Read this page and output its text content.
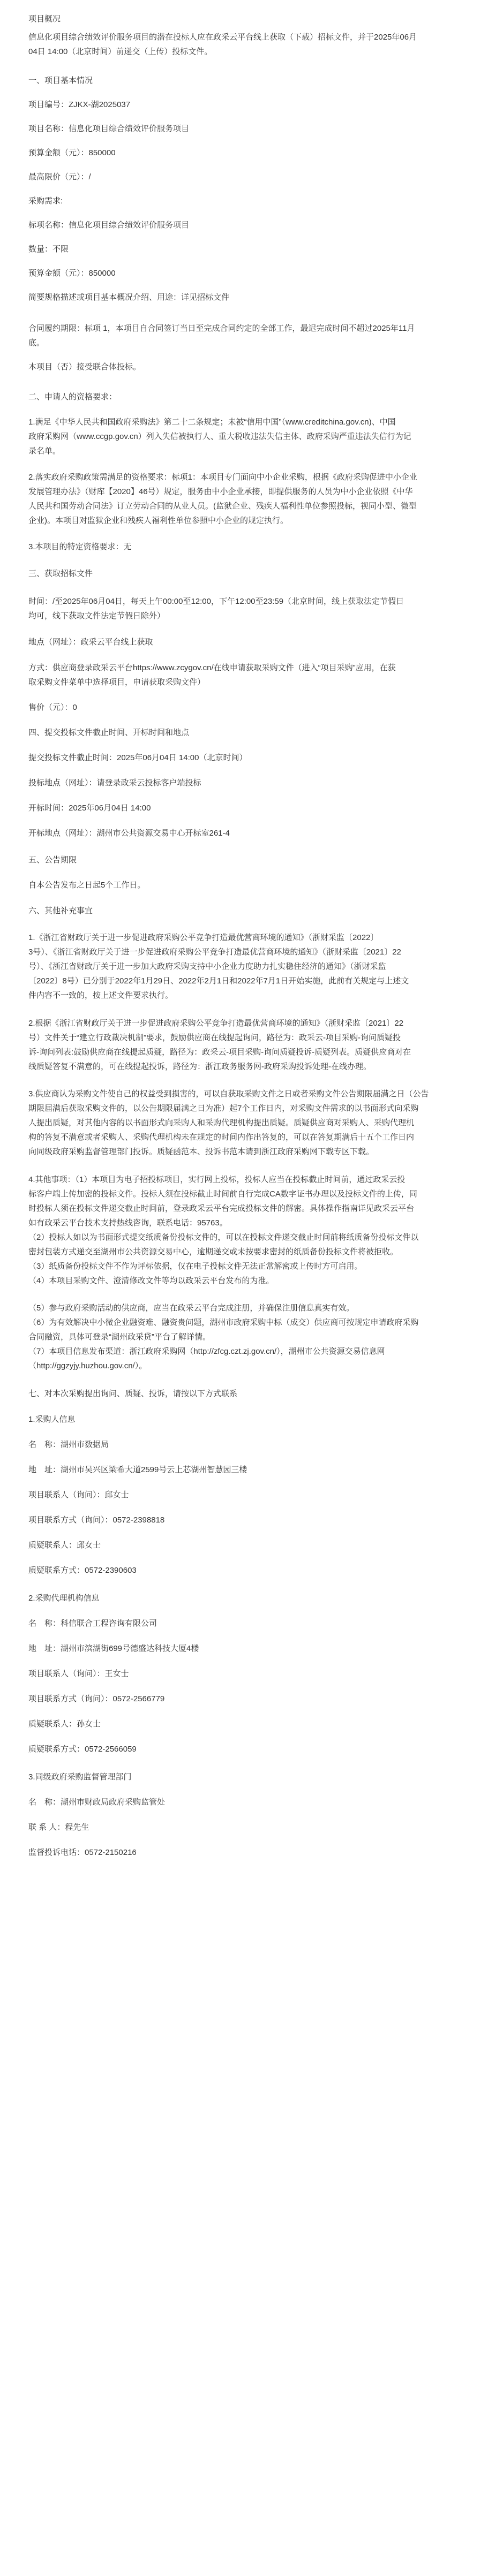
项目概况

信息化项目综合绩效评价服务项目的潜在投标人应在政采云平台线上获取（下载）招标文件，并于2025年06月

04日 14:00（北京时间）前递交（上传）投标文件。

一、项目基本情况

项目编号：ZJKX-湖2025037

项目名称：信息化项目综合绩效评价服务项目

预算金额（元）：850000

最高限价（元）：/

采购需求:

标项名称：信息化项目综合绩效评价服务项目

数量：不限

预算金额（元）：850000

简要规格描述或项目基本概况介绍、用途：详见招标文件

合同履约期限：标项 1，本项目自合同签订当日至完成合同约定的全部工作，最迟完成时间不超过2025年11月

底。

本项目（否）接受联合体投标。

二、申请人的资格要求：

1.满足《中华人民共和国政府采购法》第二十二条规定；未被“信用中国”（www.creditchina.gov.cn)、中国

政府采购网（www.ccgp.gov.cn）列入失信被执行人、重大税收违法失信主体、政府采购严重违法失信行为记

录名单。

2.落实政府采购政策需满足的资格要求：标项1：本项目专门面向中小企业采购，根据《政府采购促进中小企业

发展管理办法》（财库【2020】46号）规定，服务由中小企业承接，即提供服务的人员为中小企业依照《中华

人民共和国劳动合同法》订立劳动合同的从业人员。(监狱企业、残疾人福利性单位参照投标，视同小型、微型

企业)。本项目对监狱企业和残疾人福利性单位参照中小企业的规定执行。

3.本项目的特定资格要求：无

三、获取招标文件

时间：/至2025年06月04日，每天上午00:00至12:00，下午12:00至23:59（北京时间，线上获取法定节假日

均可，线下获取文件法定节假日除外）

地点（网址）：政采云平台线上获取

方式：供应商登录政采云平台https://www.zcygov.cn/在线申请获取采购文件（进入“项目采购”应用，在获

取采购文件菜单中选择项目，申请获取采购文件）

售价（元）：0

四、提交投标文件截止时间、开标时间和地点

提交投标文件截止时间：2025年06月04日 14:00（北京时间）

投标地点（网址）：请登录政采云投标客户端投标

开标时间：2025年06月04日 14:00

开标地点（网址）：湖州市公共资源交易中心开标室261-4

五、公告期限

自本公告发布之日起5个工作日。

六、其他补充事宜

1.《浙江省财政厅关于进一步促进政府采购公平竞争打造最优营商环境的通知》（浙财采监〔2022〕

3号）、《浙江省财政厅关于进一步促进政府采购公平竞争打造最优营商环境的通知》（浙财采监〔2021〕22

号）、《浙江省财政厅关于进一步加大政府采购支持中小企业力度助力扎实稳住经济的通知》（浙财采监

〔2022〕8号）已分别于2022年1月29日、2022年2月1日和2022年7月1日开始实施，此前有关规定与上述文

件内容不一致的，按上述文件要求执行。

2.根据《浙江省财政厅关于进一步促进政府采购公平竞争打造最优营商环境的通知》（浙财采监〔2021〕22

号）文件关于“建立行政裁决机制”要求，鼓励供应商在线提起询问，路径为：政采云-项目采购-询问质疑投

诉-询问列表:鼓励供应商在线提起质疑，路径为：政采云-项目采购-询问质疑投诉-质疑列表。质疑供应商对在

线质疑答复不满意的，可在线提起投诉，路径为：浙江政务服务网-政府采购投诉处理-在线办理。

3.供应商认为采购文件使自己的权益受到损害的，可以自获取采购文件之日或者采购文件公告期限届满之日（公告

期限届满后获取采购文件的，以公告期限届满之日为准）起7个工作日内，对采购文件需求的以书面形式向采购

人提出质疑，对其他内容的以书面形式向采购人和采购代理机构提出质疑。质疑供应商对采购人、采购代理机

构的答复不满意或者采购人、采购代理机构未在规定的时间内作出答复的，可以在答复期满后十五个工作日内

向同级政府采购监督管理部门投诉。质疑函范本、投诉书范本请到浙江政府采购网下载专区下载。

4.其他事项：（1）本项目为电子招投标项目，实行网上投标，投标人应当在投标截止时间前，通过政采云投

标客户端上传加密的投标文件。投标人须在投标截止时间前自行完成CA数字证书办理以及投标文件的上传，同

时投标人须在投标文件递交截止时间前，登录政采云平台完成投标文件的解密。具体操作指南详见政采云平台

如有政采云平台技术支持热线咨询，联系电话：95763。

（2）投标人如以为书面形式提交纸质备份投标文件的，可以在投标文件递交截止时间前将纸质备份投标文件以

密封包装方式递交至湖州市公共资源交易中心，逾期递交或未按要求密封的纸质备份投标文件将被拒收。

（3）纸质备份投标文件不作为评标依据，仅在电子投标文件无法正常解密或上传时方可启用。

（4）本项目采购文件、澄清修改文件等均以政采云平台发布的为准。

（5）参与政府采购活动的供应商，应当在政采云平台完成注册，并确保注册信息真实有效。

（6）为有效解决中小微企业融资难、融资贵问题，湖州市政府采购中标（成交）供应商可按规定申请政府采购

合同融资，具体可登录“湖州政采贷”平台了解详情。

（7）本项目信息发布渠道：浙江政府采购网（http://zfcg.czt.zj.gov.cn/），湖州市公共资源交易信息网

（http://ggzyjy.huzhou.gov.cn/）。

七、对本次采购提出询问、质疑、投诉，请按以下方式联系

1.采购人信息

名　称：湖州市数据局

地　址：湖州市吴兴区梁希大道2599号云上芯湖州智慧园三楼

项目联系人（询问）：邱女士

项目联系方式（询问）：0572-2398818

质疑联系人：邱女士

质疑联系方式：0572-2390603

2.采购代理机构信息

名　称：科信联合工程咨询有限公司

地　址：湖州市滨湖街699号德盛达科技大厦4楼

项目联系人（询问）：王女士

项目联系方式（询问）：0572-2566779

质疑联系人：孙女士

质疑联系方式：0572-2566059

3.同级政府采购监督管理部门

名　称：湖州市财政局政府采购监管处

联 系 人：程先生

监督投诉电话：0572-2150216
